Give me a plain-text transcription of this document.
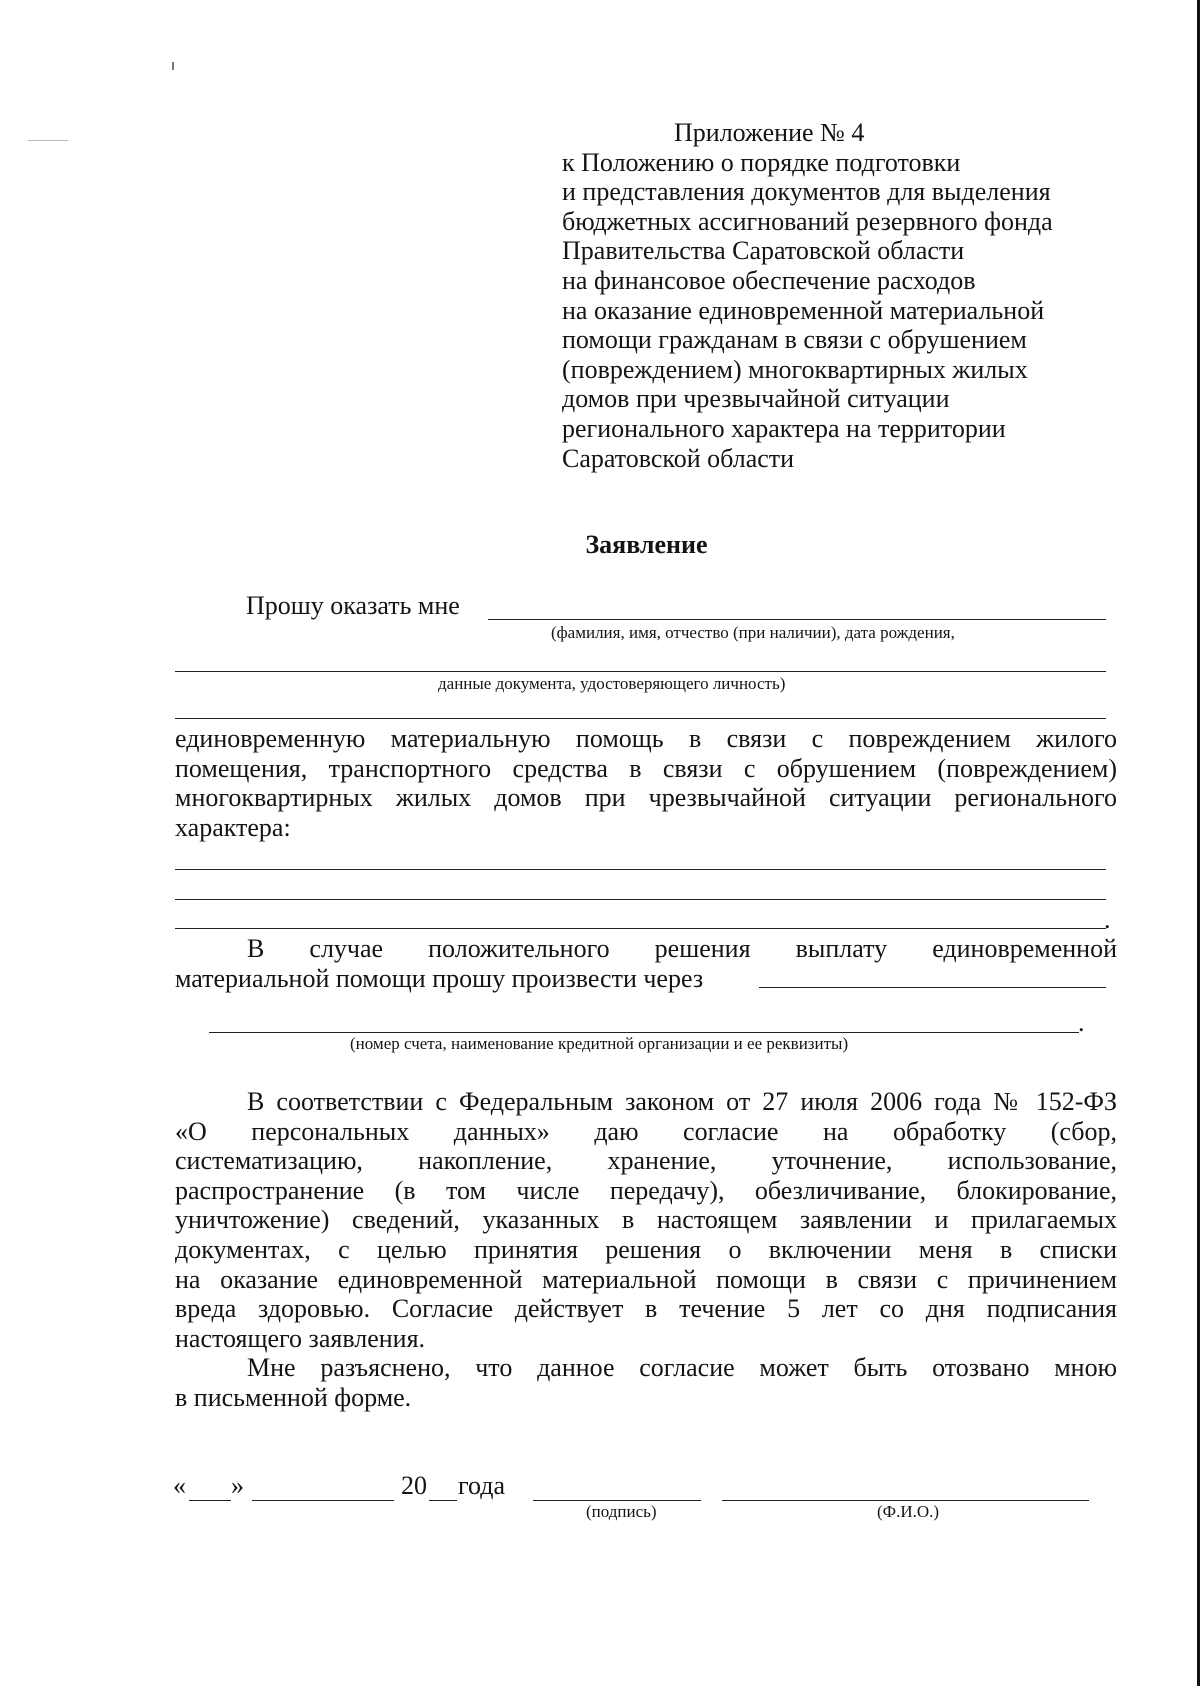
Приложение № 4
к Положению о порядке подготовки
и представления документов для выделения
бюджетных ассигнований резервного фонда
Правительства Саратовской области
на финансовое обеспечение расходов
на оказание единовременной материальной
помощи гражданам в связи с обрушением
(повреждением) многоквартирных жилых
домов при чрезвычайной ситуации
регионального характера на территории
Саратовской области
Заявление
Прошу оказать мне
(фамилия, имя, отчество (при наличии), дата рождения,
данные документа, удостоверяющего личность)
единовременную материальную помощь в связи с повреждением жилого
помещения, транспортного средства в связи с обрушением (повреждением)
многоквартирных жилых домов при чрезвычайной ситуации регионального
характера:
.
В случае положительного решения выплату единовременной
материальной помощи прошу произвести через
.
(номер счета, наименование кредитной организации и ее реквизиты)
В соответствии с Федеральным законом от 27 июля 2006 года № 152-ФЗ
«О персональных данных» даю согласие на обработку (сбор,
систематизацию, накопление, хранение, уточнение, использование,
распространение (в том числе передачу), обезличивание, блокирование,
уничтожение) сведений, указанных в настоящем заявлении и прилагаемых
документах, с целью принятия решения о включении меня в списки
на оказание единовременной материальной помощи в связи с причинением
вреда здоровью. Согласие действует в течение 5 лет со дня подписания
настоящего заявления.
Мне разъяснено, что данное согласие может быть отозвано мною
в письменной форме.
« »	20 года
(подпись)	(Ф.И.О.)
